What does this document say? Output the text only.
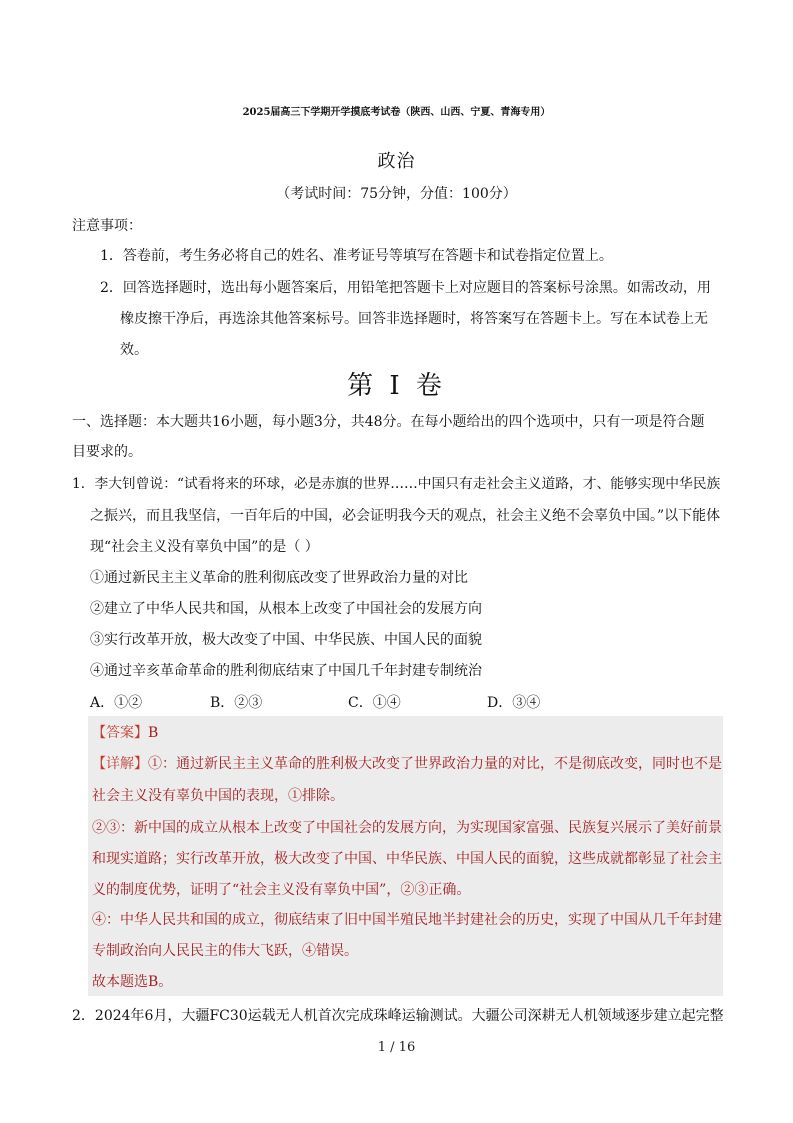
2025届高三下学期开学摸底考试卷（陕西、山西、宁夏、青海专用）
政治
（考试时间：75分钟，分值：100分）
注意事项：
1．答卷前，考生务必将自己的姓名、准考证号等填写在答题卡和试卷指定位置上。
2．回答选择题时，选出每小题答案后，用铅笔把答题卡上对应题目的答案标号涂黑。如需改动，用
橡皮擦干净后，再选涂其他答案标号。回答非选择题时，将答案写在答题卡上。写在本试卷上无
效。
第 I 卷
一、选择题：本大题共16小题，每小题3分，共48分。在每小题给出的四个选项中，只有一项是符合题
目要求的。
1．李大钊曾说：“试看将来的环球，必是赤旗的世界……中国只有走社会主义道路，才、能够实现中华民族
之振兴，而且我坚信，一百年后的中国，必会证明我今天的观点，社会主义绝不会辜负中国。”以下能体
现“社会主义没有辜负中国”的是（ ）
①通过新民主主义革命的胜利彻底改变了世界政治力量的对比
②建立了中华人民共和国，从根本上改变了中国社会的发展方向
③实行改革开放，极大改变了中国、中华民族、中国人民的面貌
④通过辛亥革命革命的胜利彻底结束了中国几千年封建专制统治
A．①②	B．②③	C．①④	D．③④
【答案】B
【详解】①：通过新民主主义革命的胜利极大改变了世界政治力量的对比，不是彻底改变，同时也不是
社会主义没有辜负中国的表现，①排除。
②③：新中国的成立从根本上改变了中国社会的发展方向，为实现国家富强、民族复兴展示了美好前景
和现实道路；实行改革开放，极大改变了中国、中华民族、中国人民的面貌，这些成就都彰显了社会主
义的制度优势，证明了“社会主义没有辜负中国”，②③正确。
④：中华人民共和国的成立，彻底结束了旧中国半殖民地半封建社会的历史，实现了中国从几千年封建
专制政治向人民民主的伟大飞跃，④错误。
故本题选B。
2．2024年6月，大疆FC30运载无人机首次完成珠峰运输测试。大疆公司深耕无人机领域逐步建立起完整
1 / 16
